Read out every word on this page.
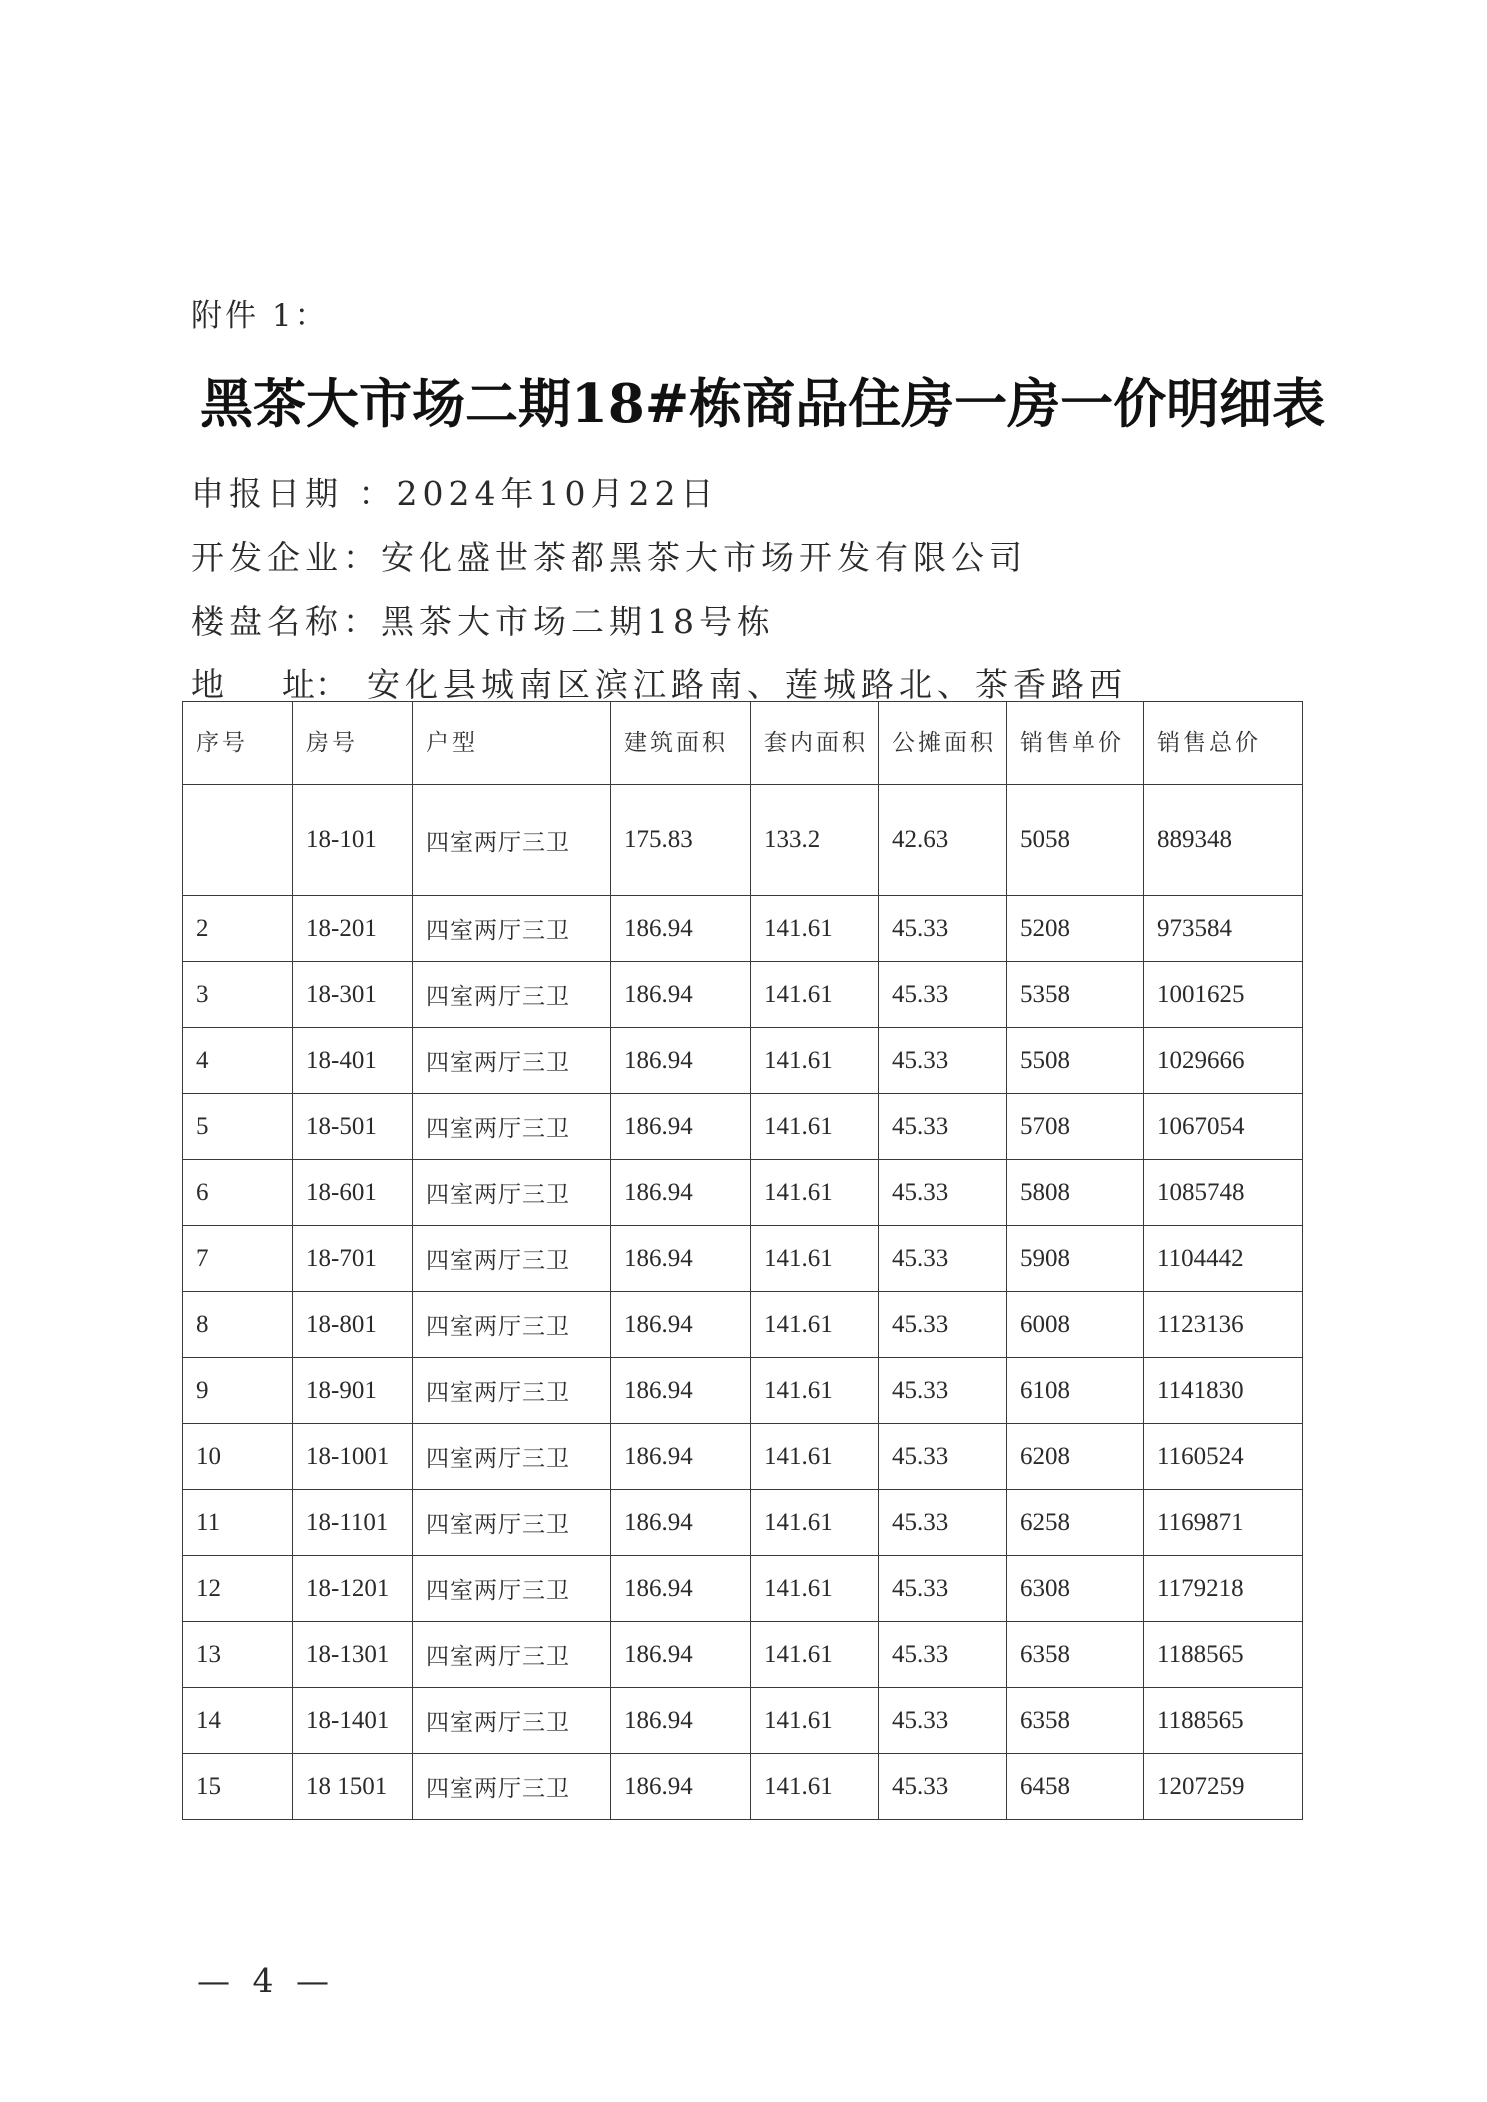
附件 1：
黑茶大市场二期18#栋商品住房一房一价明细表
申报日期 ：2024年10月22日
开发企业：安化盛世茶都黑茶大市场开发有限公司
楼盘名称：黑茶大市场二期18号栋
地 址： 安化县城南区滨江路南、莲城路北、茶香路西
序号	房号	户型	建筑面积	套内面积	公摊面积	销售单价	销售总价
	18-101	四室两厅三卫	175.83	133.2	42.63	5058	889348
2	18-201	四室两厅三卫	186.94	141.61	45.33	5208	973584
3	18-301	四室两厅三卫	186.94	141.61	45.33	5358	1001625
4	18-401	四室两厅三卫	186.94	141.61	45.33	5508	1029666
5	18-501	四室两厅三卫	186.94	141.61	45.33	5708	1067054
6	18-601	四室两厅三卫	186.94	141.61	45.33	5808	1085748
7	18-701	四室两厅三卫	186.94	141.61	45.33	5908	1104442
8	18-801	四室两厅三卫	186.94	141.61	45.33	6008	1123136
9	18-901	四室两厅三卫	186.94	141.61	45.33	6108	1141830
10	18-1001	四室两厅三卫	186.94	141.61	45.33	6208	1160524
11	18-1101	四室两厅三卫	186.94	141.61	45.33	6258	1169871
12	18-1201	四室两厅三卫	186.94	141.61	45.33	6308	1179218
13	18-1301	四室两厅三卫	186.94	141.61	45.33	6358	1188565
14	18-1401	四室两厅三卫	186.94	141.61	45.33	6358	1188565
15	18 1501	四室两厅三卫	186.94	141.61	45.33	6458	1207259
— 4 —
